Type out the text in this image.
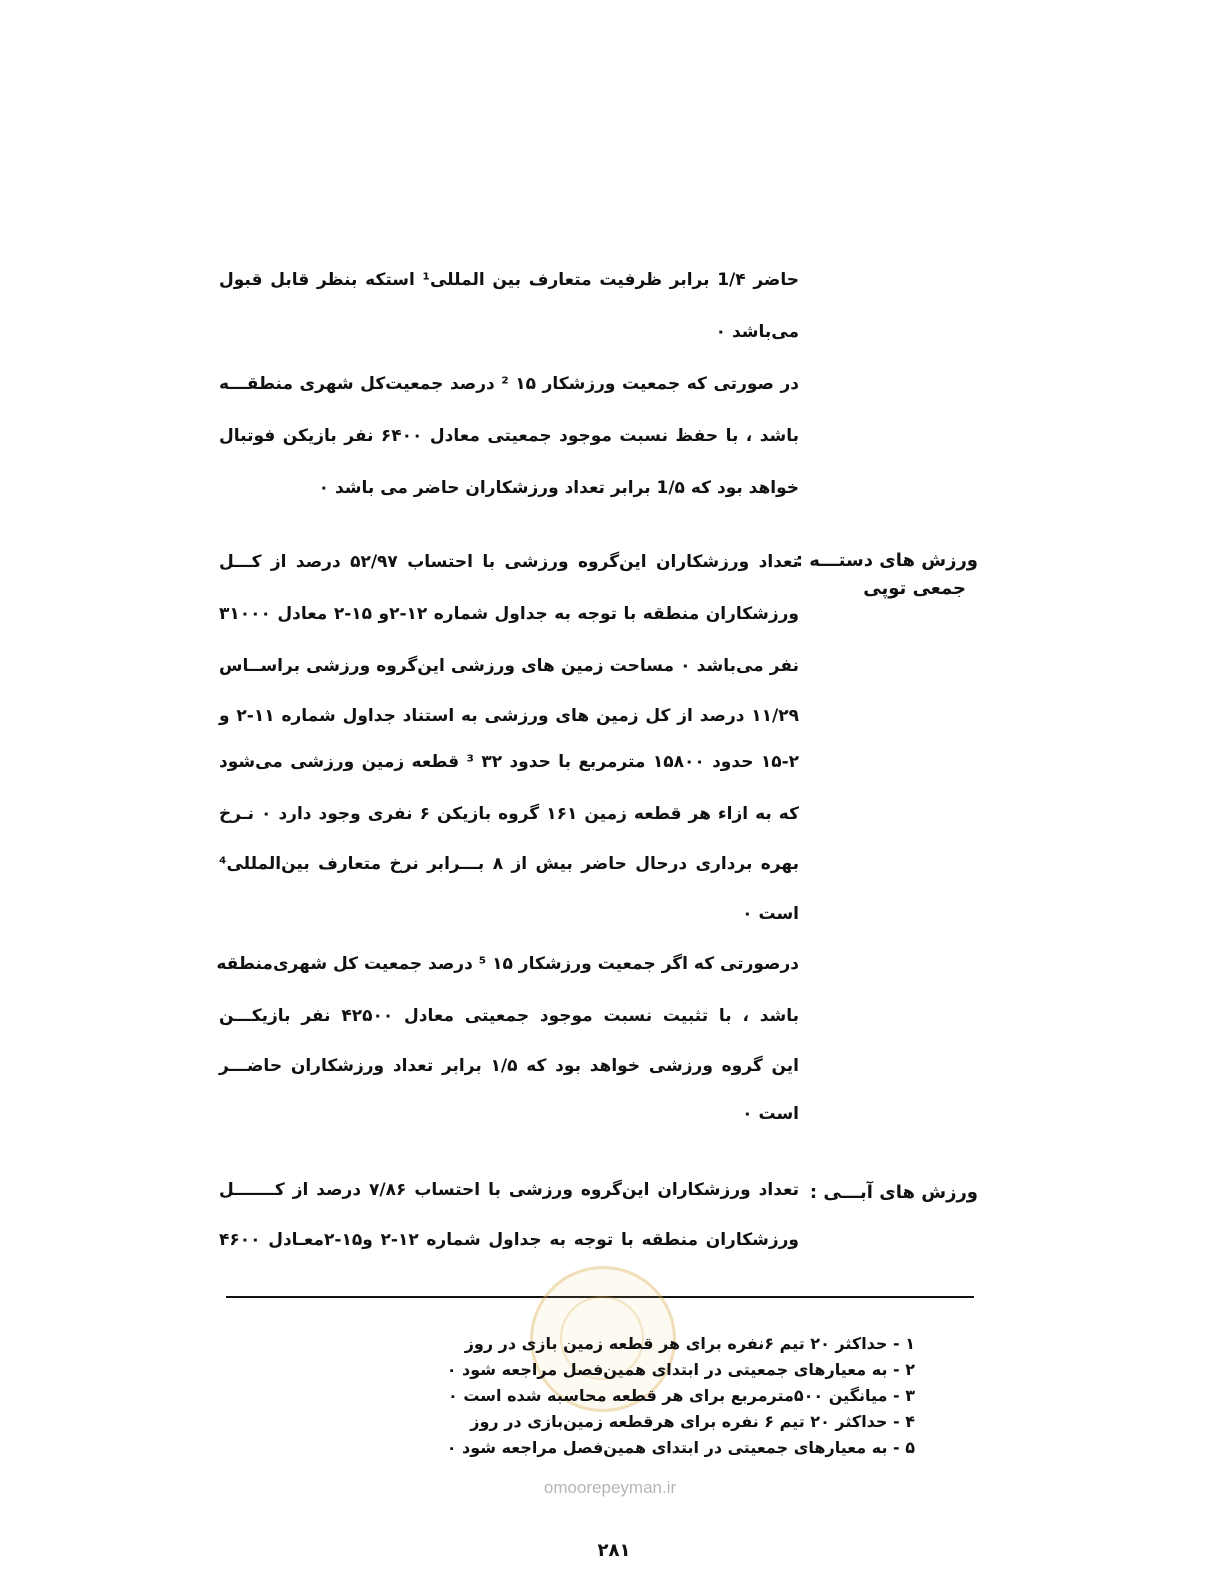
حاضر 1/۴ برابر ظرفیت متعارف بین المللی¹ استکه بنظر قابل قبول
می‌باشد ۰
در صورتی که جمعیت ورزشکار ۱۵ ² درصد جمعیت‌کل شهری منطقـــه
باشد ، با حفظ نسبت موجود جمعیتی معادل ۶۴۰۰ نفر بازیکن فوتبال
خواهد بود که 1/۵ برابر تعداد ورزشکاران حاضر می باشد ۰
ورزش های دستـــه :
جمعی توپی
تعداد ورزشکاران این‌گروه ورزشی با احتساب ۵۲/۹۷ درصد از کـــل
ورزشکاران منطقه با توجه به جداول شماره ۱۲-۲و ۱۵-۲ معادل ۳۱۰۰۰
نفر می‌باشد ۰ مساحت زمین های ورزشی این‌گروه ورزشی براســاس
۱۱/۲۹ درصد از کل زمین های ورزشی به استناد جداول شماره ۱۱-۲ و
۱۵-۲ حدود ۱۵۸۰۰ مترمربع با حدود ۳۲ ³ قطعه زمین ورزشی می‌شود
که به ازاء هر قطعه زمین ۱۶۱ گروه بازیکن ۶ نفری وجود دارد ۰ نـرخ
بهره برداری درحال حاضر بیش از ۸ بـــرابر نرخ متعارف بین‌المللی⁴
است ۰
درصورتی که اگر جمعیت ورزشکار ۱۵ ⁵ درصد جمعیت کل شهری‌منطقه
باشد ، با تثبیت نسبت موجود جمعیتی معادل ۴۲۵۰۰ نفر بازیکـــن
این گروه ورزشی خواهد بود که ۱/۵ برابر تعداد ورزشکاران حاضـــر
است ۰
ورزش های آبـــی :
تعداد ورزشکاران این‌گروه ورزشی با احتساب ۷/۸۶ درصد از کـــــــل
ورزشکاران منطقه با توجه به جداول شماره ۱۲-۲ و۱۵-۲معـادل ۴۶۰۰
omoorepeyman.ir
۱ - حداکثر ۲۰ تیم ۶نفره برای هر قطعه زمین بازی در روز
۲ - به معیارهای جمعیتی در ابتدای همین‌فصل مراجعه شود ۰
۳ - میانگین ۵۰۰مترمربع برای هر قطعه محاسبه شده است ۰
۴ - حداکثر ۲۰ تیم ۶ نفره برای هرقطعه زمین‌بازی در روز
۵ - به معیارهای جمعیتی در ابتدای همین‌فصل مراجعه شود ۰
۲۸۱
